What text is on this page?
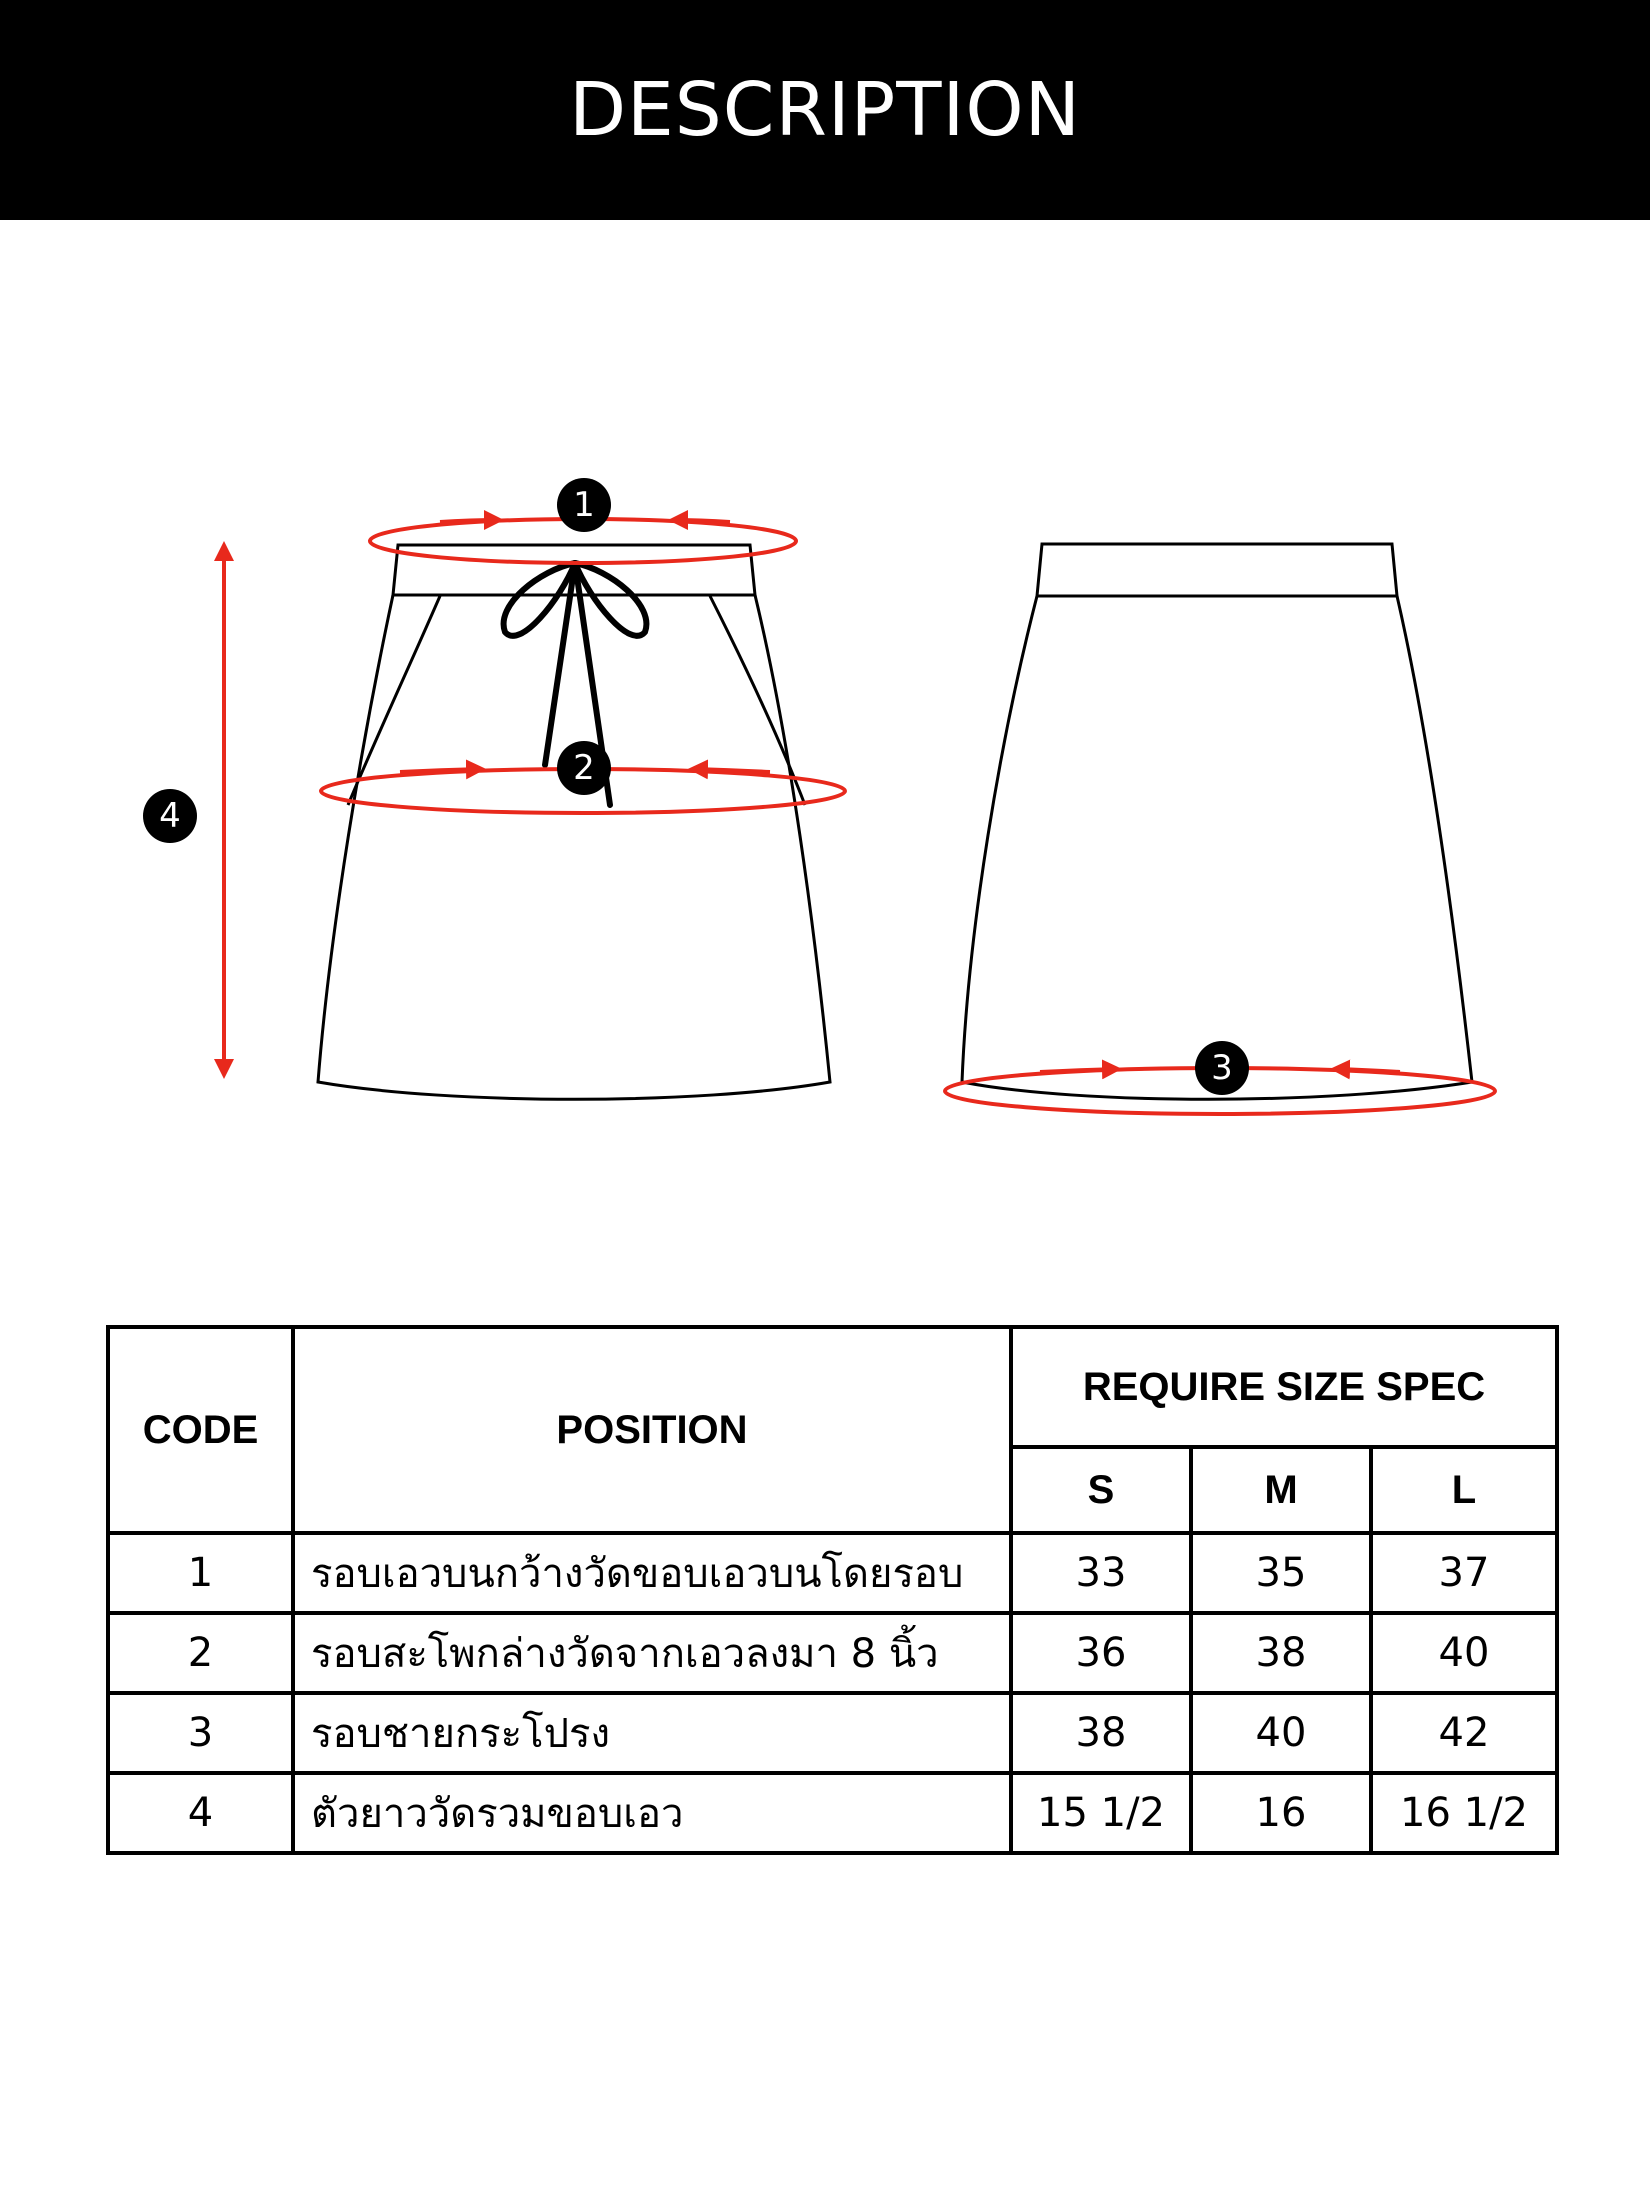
DESCRIPTION
1
2
3
4
CODE	POSITION	REQUIRE SIZE SPEC		
		S	M	L
1	รอบเอวบนกว้างวัดขอบเอวบนโดยรอบ	33	35	37
2	รอบสะโพกล่างวัดจากเอวลงมา 8 นิ้ว	36	38	40
3	รอบชายกระโปรง	38	40	42
4	ตัวยาววัดรวมขอบเอว	15 1/2	16	16 1/2
